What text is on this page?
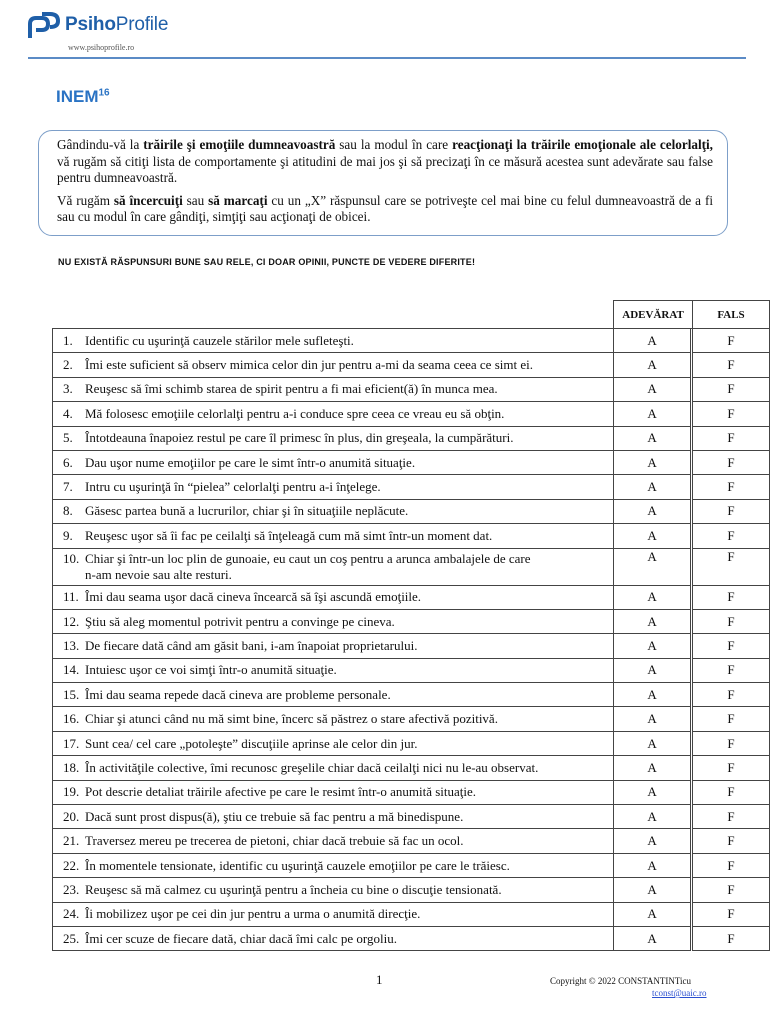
PsihoProfile
www.psihoprofile.ro
INEM$^{16}$

Gândindu-vă la trăirile şi emoţiile dumneavoastră sau la modul în care reacţionaţi la trăirile emoţionale ale celorlalţi, vă rugăm să citiţi lista de comportamente şi atitudini de mai jos şi să precizaţi în ce măsură acestea sunt adevărate sau false pentru dumneavoastră.

Vă rugăm să încercuiţi sau să marcaţi cu un „X” răspunsul care se potriveşte cel mai bine cu felul dumneavoastră de a fi sau cu modul în care gândiţi, simţiţi sau acţionaţi de obicei.

NU EXISTĂ RĂSPUNSURI BUNE SAU RELE, CI DOAR OPINII, PUNCTE DE VEDERE DIFERITE!
	ADEVĂRAT		FALS
1. Identific cu uşurinţă cauzele stărilor mele sufleteşti.	A		F
2. Îmi este suficient să observ mimica celor din jur pentru a-mi da seama ceea ce simt ei.	A		F
3. Reuşesc să îmi schimb starea de spirit pentru a fi mai eficient(ă) în munca mea.	A		F
4. Mă folosesc emoţiile celorlalţi pentru a-i conduce spre ceea ce vreau eu să obţin.	A		F
5. Întotdeauna înapoiez restul pe care îl primesc în plus, din greşeala, la cumpărături.	A		F
6. Dau uşor nume emoţiilor pe care le simt într-o anumită situaţie.	A		F
7. Intru cu uşurinţă în “pielea” celorlalţi pentru a-i înţelege.	A		F
8. Găsesc partea bună a lucrurilor, chiar şi în situaţiile neplăcute.	A		F
9. Reuşesc uşor să îi fac pe ceilalţi să înţeleagă cum mă simt într-un moment dat.	A		F
10. Chiar şi într-un loc plin de gunoaie, eu caut un coş pentru a arunca ambalajele de care
n-am nevoie sau alte resturi.	A		F
11. Îmi dau seama uşor dacă cineva încearcă să îşi ascundă emoţiile.	A		F
12. Ştiu să aleg momentul potrivit pentru a convinge pe cineva.	A		F
13. De fiecare dată când am găsit bani, i-am înapoiat proprietarului.	A		F
14. Intuiesc uşor ce voi simţi într-o anumită situaţie.	A		F
15. Îmi dau seama repede dacă cineva are probleme personale.	A		F
16. Chiar şi atunci când nu mă simt bine, încerc să păstrez o stare afectivă pozitivă.	A		F
17. Sunt cea/ cel care „potoleşte” discuţiile aprinse ale celor din jur.	A		F
18. În activităţile colective, îmi recunosc greşelile chiar dacă ceilalţi nici nu le-au observat.	A		F
19. Pot descrie detaliat trăirile afective pe care le resimt într-o anumită situaţie.	A		F
20. Dacă sunt prost dispus(ă), ştiu ce trebuie să fac pentru a mă binedispune.	A		F
21. Traversez mereu pe trecerea de pietoni, chiar dacă trebuie să fac un ocol.	A		F
22. În momentele tensionate, identific cu uşurinţă cauzele emoţiilor pe care le trăiesc.	A		F
23. Reuşesc să mă calmez cu uşurinţă pentru a încheia cu bine o discuţie tensionată.	A		F
24. Îi mobilizez uşor pe cei din jur pentru a urma o anumită direcţie.	A		F
25. Îmi cer scuze de fiecare dată, chiar dacă îmi calc pe orgoliu.	A		F
1	Copyright © 2022 CONSTANTINTicu
tconst@uaic.ro
